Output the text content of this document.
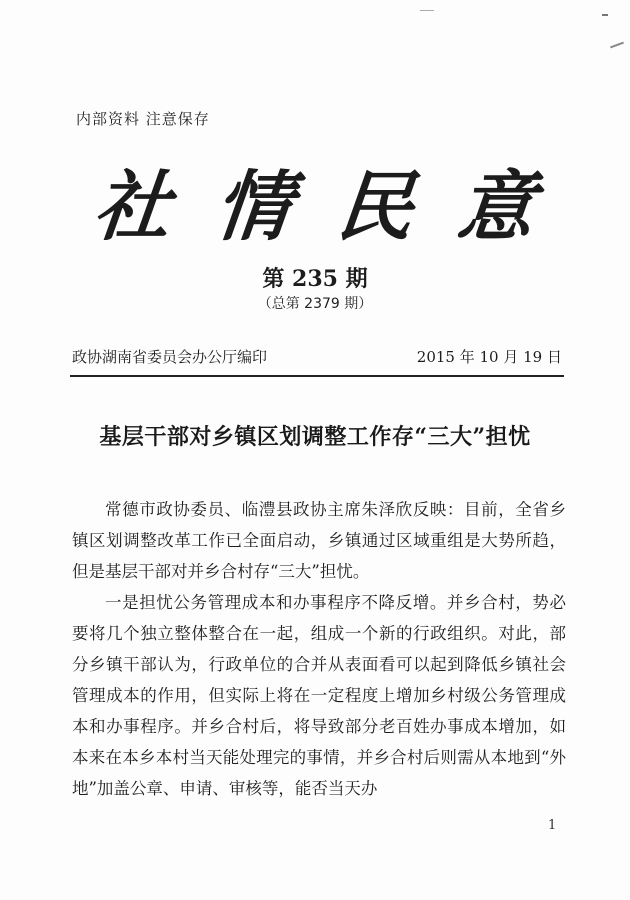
内部资料 注意保存
社 情 民 意
第 235 期
（总第 2379 期）
政协湖南省委员会办公厅编印	2015 年 10 月 19 日
基层干部对乡镇区划调整工作存“三大”担忧

常德市政协委员、临澧县政协主席朱泽欣反映：目前，全省乡镇区划调整改革工作已全面启动，乡镇通过区域重组是大势所趋，但是基层干部对并乡合村存“三大”担忧。

一是担忧公务管理成本和办事程序不降反增。并乡合村，势必要将几个独立整体整合在一起，组成一个新的行政组织。对此，部分乡镇干部认为，行政单位的合并从表面看可以起到降低乡镇社会管理成本的作用，但实际上将在一定程度上增加乡村级公务管理成本和办事程序。并乡合村后，将导致部分老百姓办事成本增加，如本来在本乡本村当天能处理完的事情，并乡合村后则需从本地到“外地”加盖公章、申请、审核等，能否当天办

1
